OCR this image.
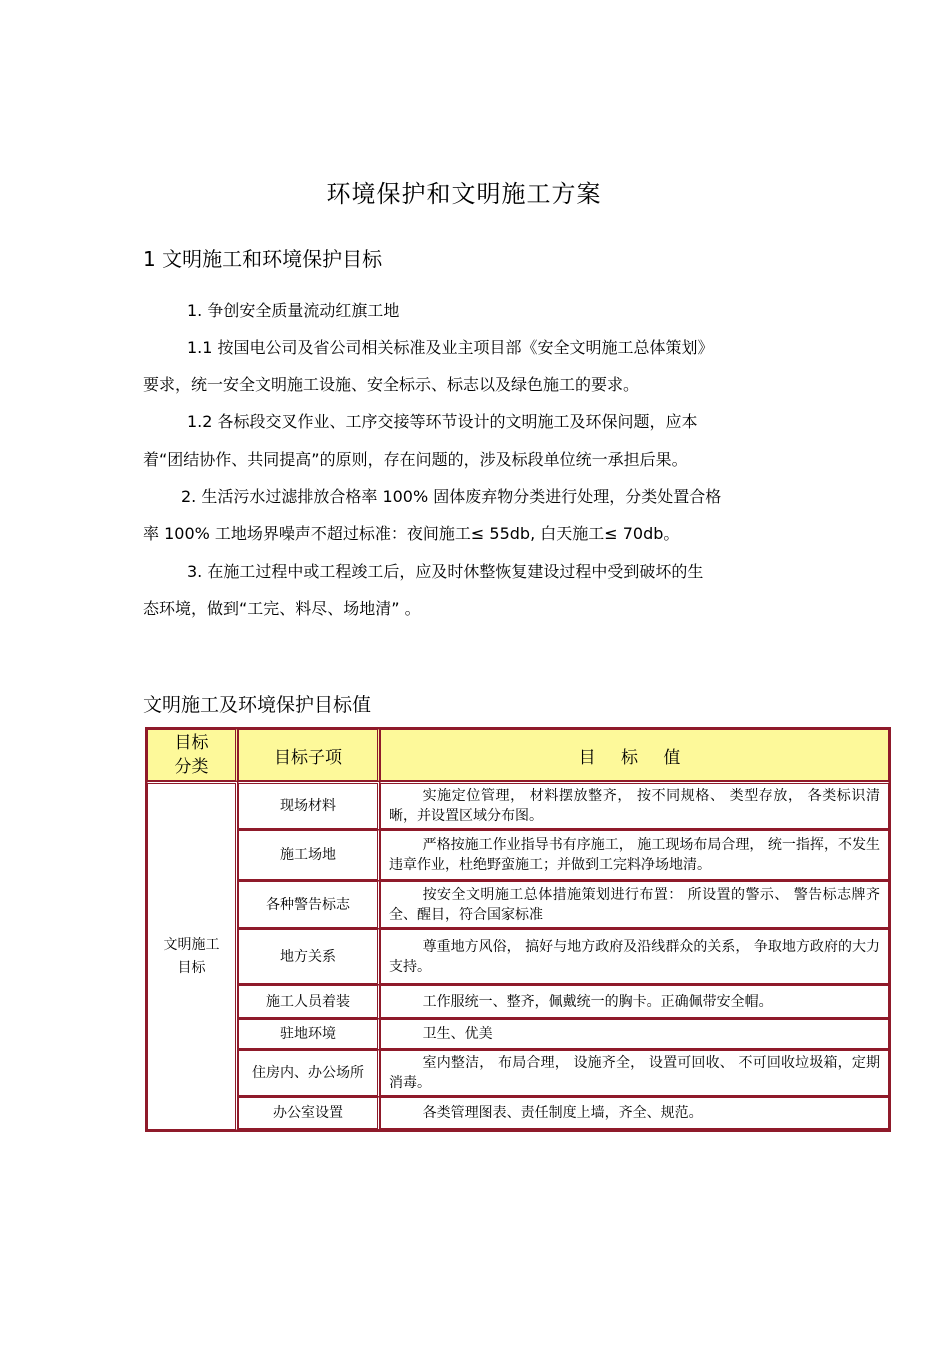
环境保护和文明施工方案
1 文明施工和环境保护目标
1. 争创安全质量流动红旗工地
1.1 按国电公司及省公司相关标准及业主项目部《安全文明施工总体策划》
要求，统一安全文明施工设施、安全标示、标志以及绿色施工的要求。
1.2 各标段交叉作业、工序交接等环节设计的文明施工及环保问题，应本
着“团结协作、共同提高”的原则，存在问题的，涉及标段单位统一承担后果。
2. 生活污水过滤排放合格率 100% 固体废弃物分类进行处理，分类处置合格
率 100% 工地场界噪声不超过标准：夜间施工≤ 55db, 白天施工≤ 70db。
3. 在施工过程中或工程竣工后，应及时休整恢复建设过程中受到破坏的生
态环境，做到“工完、料尽、场地清” 。
文明施工及环境保护目标值
目标
分类	目标子项	目 标 值
文明施工
目标	现场材料	实施定位管理， 材料摆放整齐， 按不同规格、 类型存放， 各类标识清晰，并设置区域分布图。
	施工场地	严格按施工作业指导书有序施工， 施工现场布局合理， 统一指挥，不发生违章作业，杜绝野蛮施工；并做到工完料净场地清。
	各种警告标志	按安全文明施工总体措施策划进行布置： 所设置的警示、 警告标志牌齐全、醒目，符合国家标准
	地方关系	尊重地方风俗， 搞好与地方政府及沿线群众的关系， 争取地方政府的大力支持。
	施工人员着装	工作服统一、整齐，佩戴统一的胸卡。正确佩带安全帽。
	驻地环境	卫生、优美
	住房内、办公场所	室内整洁， 布局合理， 设施齐全， 设置可回收、 不可回收垃圾箱，定期消毒。
	办公室设置	各类管理图表、责任制度上墙，齐全、规范。
